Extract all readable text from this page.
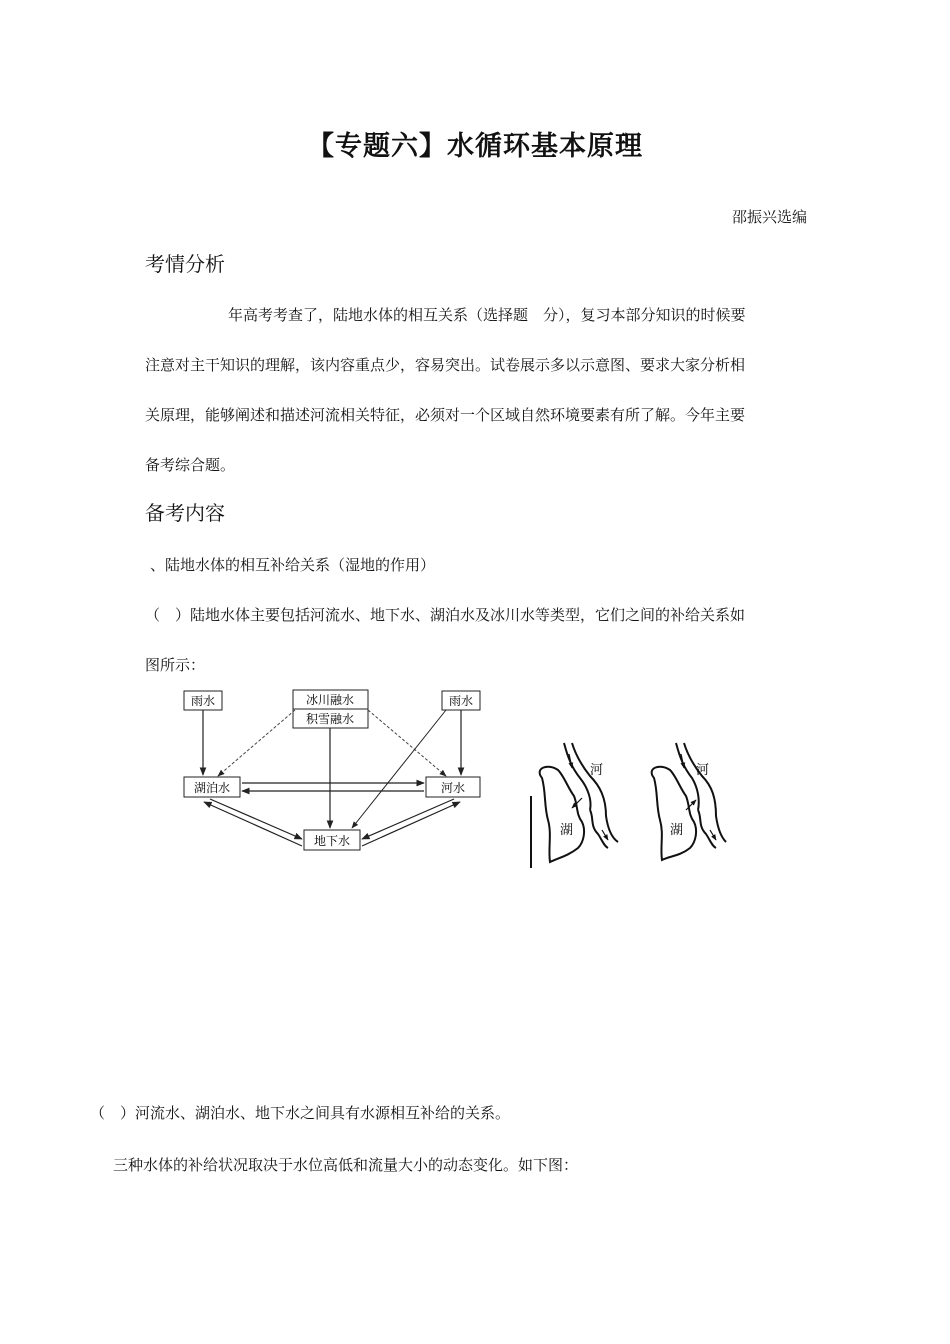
【专题六】水循环基本原理
邵振兴选编
考情分析
年高考考查了，陆地水体的相互关系（选择题　分），复习本部分知识的时候要
注意对主干知识的理解，该内容重点少，容易突出。试卷展示多以示意图、要求大家分析相
关原理，能够阐述和描述河流相关特征，必须对一个区域自然环境要素有所了解。今年主要
备考综合题。
备考内容
、陆地水体的相互补给关系（湿地的作用）
（　）陆地水体主要包括河流水、地下水、湖泊水及冰川水等类型，它们之间的补给关系如
图所示：
雨水	冰川融水
积雪融水
雨水
湖泊水	河水
地下水
河
湖
河
湖
（　）河流水、湖泊水、地下水之间具有水源相互补给的关系。
三种水体的补给状况取决于水位高低和流量大小的动态变化。如下图：
